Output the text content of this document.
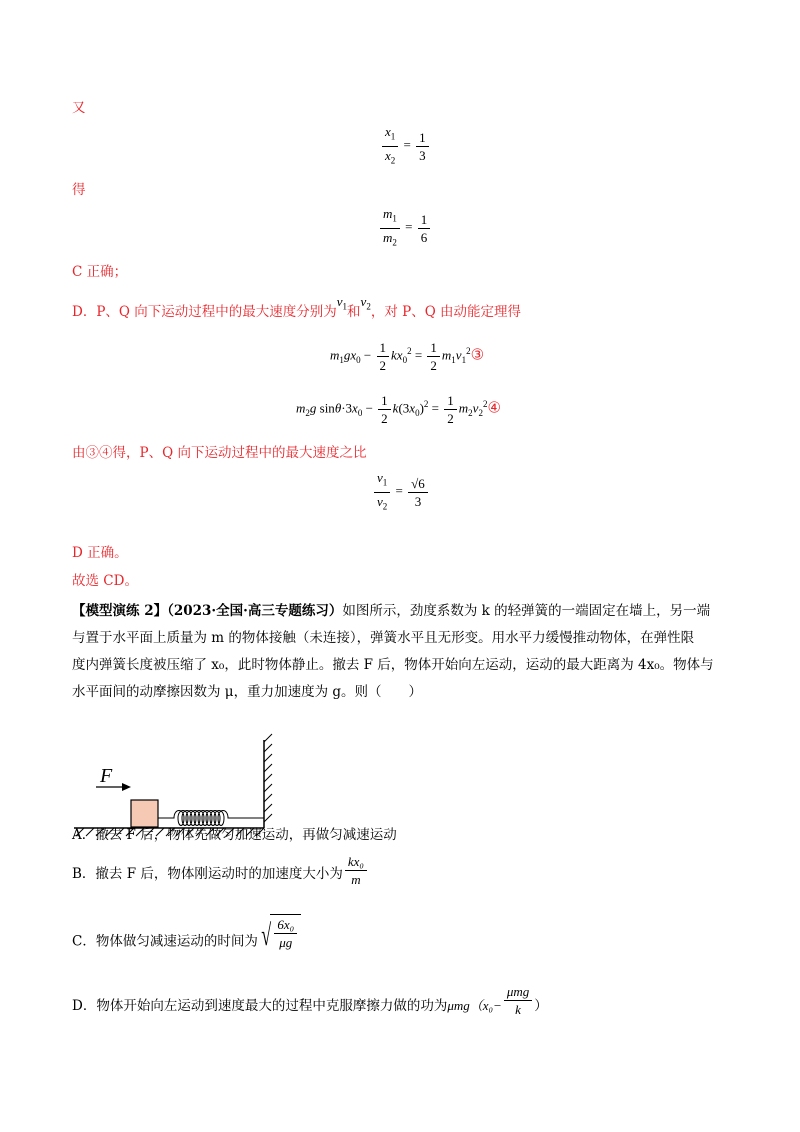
又
$\frac{x_1}{x_2} = \frac{1}{3}$
得
$\frac{m_1}{m_2} = \frac{1}{6}$
C 正确；
D．P、Q 向下运动过程中的最大速度分别为$v_1$和$v_2$，对 P、Q 由动能定理得
$m_1gx_0 - \frac{1}{2} kx_0^2 = \frac{1}{2}$ $m_1v_1^2③$
$m_2g$ $\sin\theta\cdot 3x_0 - \frac{1}{2} k(3x_0)^2 = \frac{1}{2}$ $m_2v_2^2④$
由③④得，P、Q 向下运动过程中的最大速度之比
$\frac{v_1}{v_2} = \frac{√6}{3}$
D 正确。
故选 CD。
【模型演练 2】（2023·全国·高三专题练习）如图所示，劲度系数为 k 的轻弹簧的一端固定在墙上，另一端
与置于水平面上质量为 m 的物体接触（未连接），弹簧水平且无形变。用水平力缓慢推动物体，在弹性限
度内弹簧长度被压缩了 x₀，此时物体静止。撤去 F 后，物体开始向左运动，运动的最大距离为 4x₀。物体与
水平面间的动摩擦因数为 μ，重力加速度为 g。则（　　）
F
A．撤去 F 后，物体先做匀加速运动，再做匀减速运动
B．撤去 F 后，物体刚运动时的加速度大小为 $\frac{\text{kx₀}}{m}$
C．物体做匀减速运动的时间为 √ $\frac{\text{6x₀}}{\mu g}$
D．物体开始向左运动到速度最大的过程中克服摩擦力做的功为$\mu mg(x_0- \frac{\text{μmg}}{k}$ ）
